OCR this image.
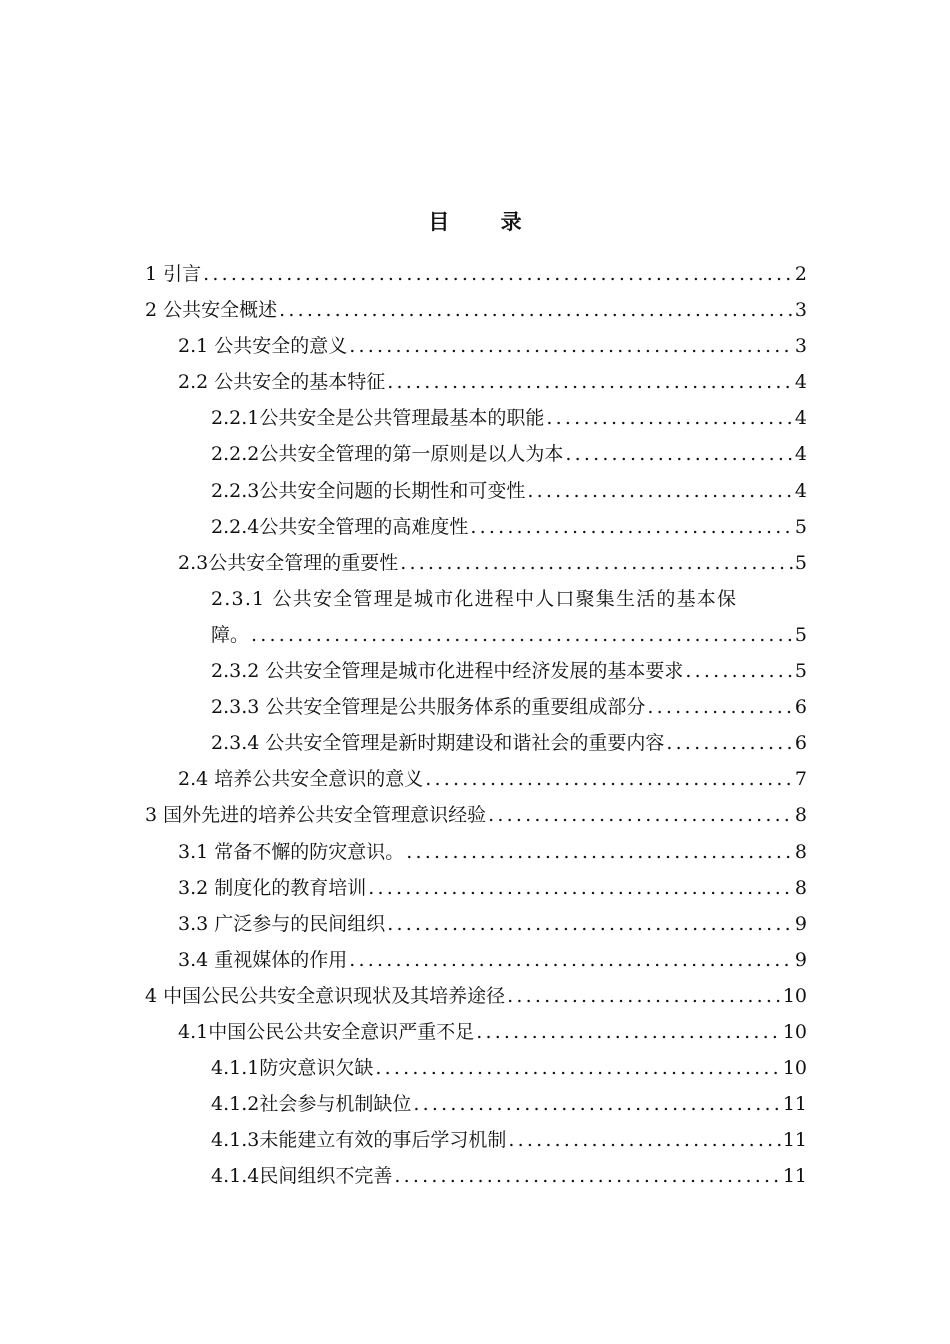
目 录
1 引言 .....	2
2 公共安全概述 .....	3
2.1 公共安全的意义 .....	3
2.2 公共安全的基本特征 .....	4
2.2.1公共安全是公共管理最基本的职能 .....	4
2.2.2公共安全管理的第一原则是以人为本 .....	4
2.2.3公共安全问题的长期性和可变性 .....	4
2.2.4公共安全管理的高难度性 .....	5
2.3公共安全管理的重要性 .....	5
2.3.1 公共安全管理是城市化进程中人口聚集生活的基本保
障。 .....	5
2.3.2 公共安全管理是城市化进程中经济发展的基本要求 .....	5
2.3.3 公共安全管理是公共服务体系的重要组成部分 .....	6
2.3.4 公共安全管理是新时期建设和谐社会的重要内容 .....	6
2.4 培养公共安全意识的意义 .....	7
3 国外先进的培养公共安全管理意识经验 .....	8
3.1 常备不懈的防灾意识。 .....	8
3.2 制度化的教育培训 .....	8
3.3 广泛参与的民间组织 .....	9
3.4 重视媒体的作用 .....	9
4 中国公民公共安全意识现状及其培养途径 .....	10
4.1中国公民公共安全意识严重不足 .....	10
4.1.1防灾意识欠缺 .....	10
4.1.2社会参与机制缺位 .....	11
4.1.3未能建立有效的事后学习机制 .....	11
4.1.4民间组织不完善 .....	11
